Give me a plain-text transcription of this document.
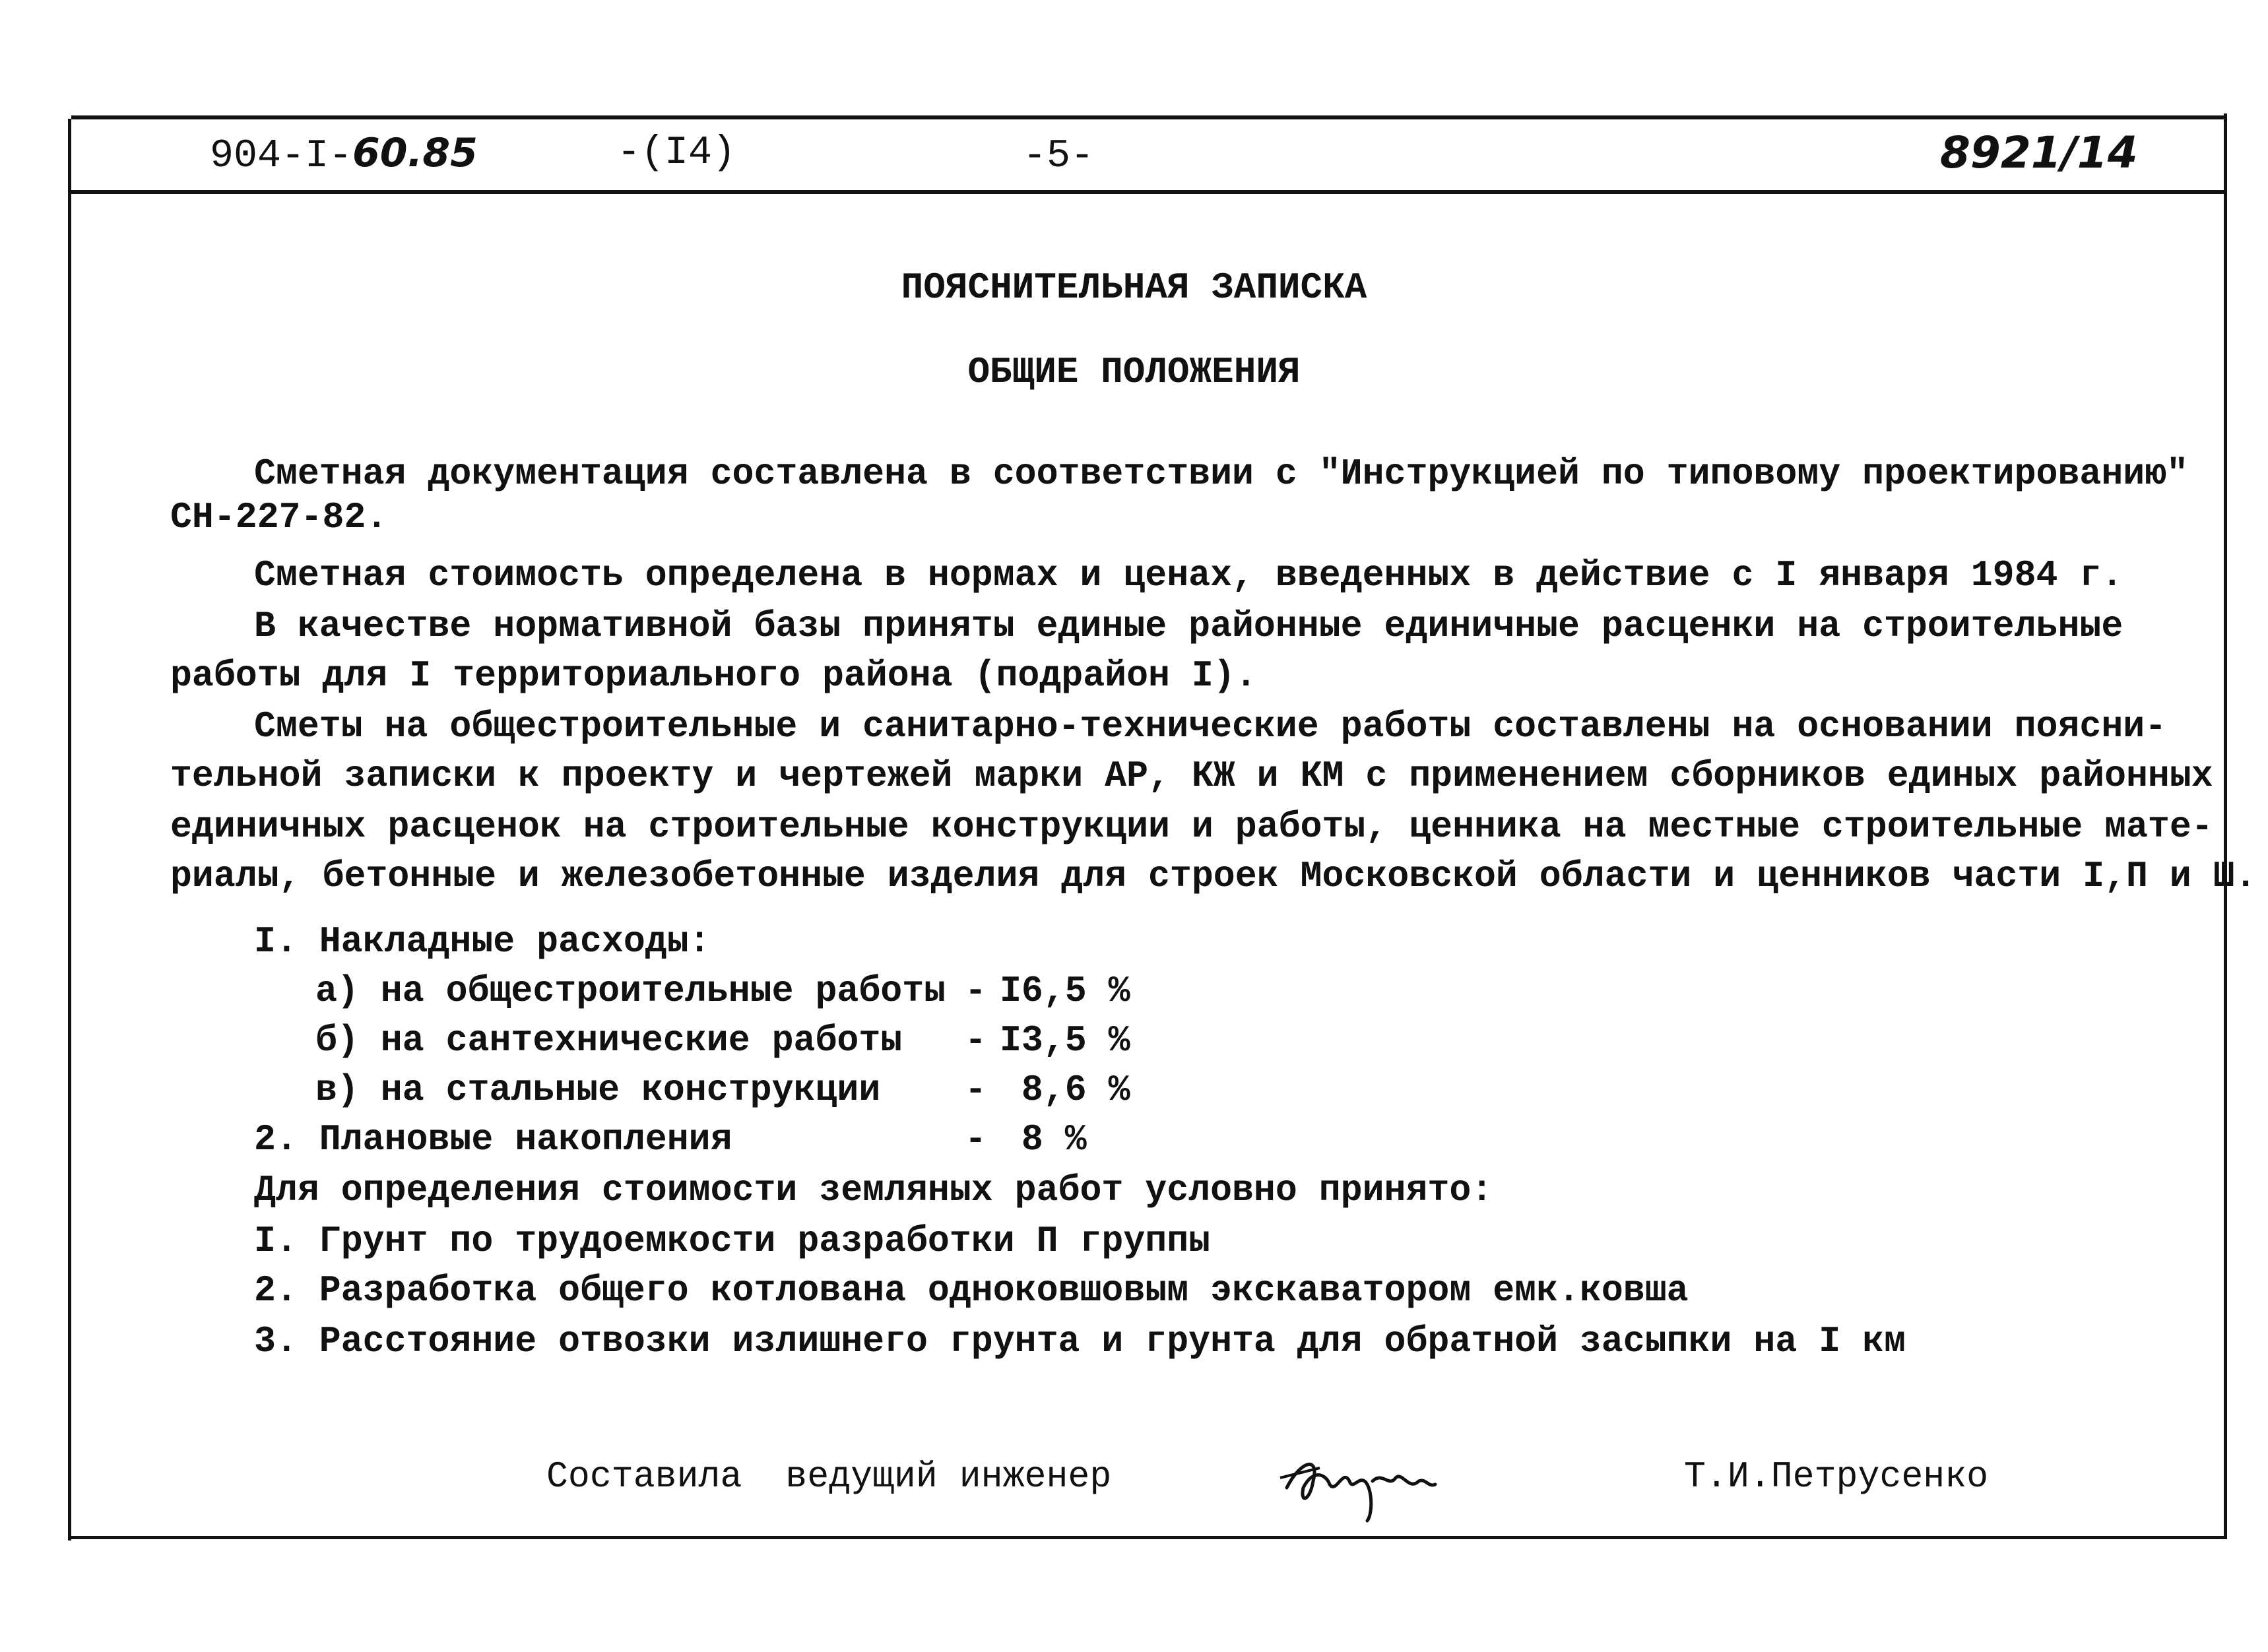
904-I-60.85	-(I4)	-5-	8921/14
ПОЯСНИТЕЛЬНАЯ ЗАПИСКА
ОБЩИЕ ПОЛОЖЕНИЯ
Сметная документация составлена в соответствии с "Инструкцией по типовому проектированию"
СН-227-82.
Сметная стоимость определена в нормах и ценах, введенных в действие с I января 1984 г.
В качестве нормативной базы приняты единые районные единичные расценки на строительные
работы для I территориального района (подрайон I).
Сметы на общестроительные и санитарно-технические работы составлены на основании поясни-
тельной записки к проекту и чертежей марки АР, КЖ и КМ с применением сборников единых районных
единичных расценок на строительные конструкции и работы, ценника на местные строительные мате-
риалы, бетонные и железобетонные изделия для строек Московской области и ценников части I,П и Ш.
I. Накладные расходы:
а) на общестроительные работы - I6,5 %
б) на сантехнические работы - I3,5 %
в) на стальные конструкции - 8,6 %
2. Плановые накопления	- 8 %
Для определения стоимости земляных работ условно принято:
I. Грунт по трудоемкости разработки П группы
2. Разработка общего котлована одноковшовым экскаватором емк.ковша
3. Расстояние отвозки излишнего грунта и грунта для обратной засыпки на I км
Составила  ведущий инженер	Т.И.Петрусенко
